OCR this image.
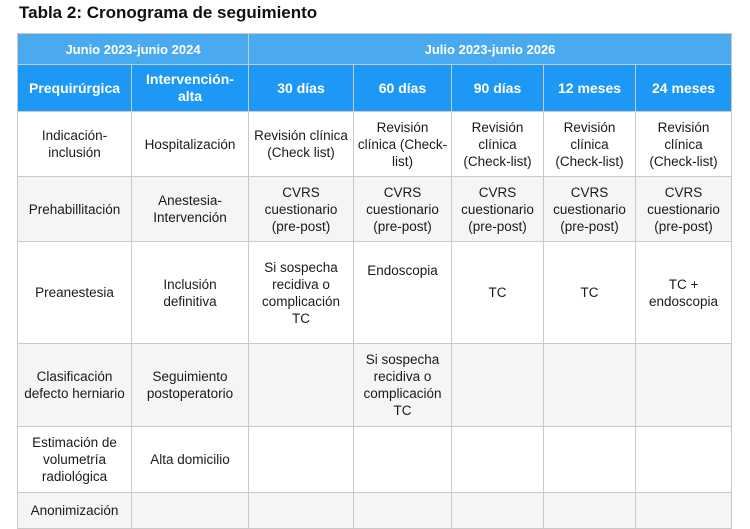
Tabla 2: Cronograma de seguimiento
Junio 2023-junio 2024		Julio 2023-junio 2026				
Prequirúrgica	Intervención-alta	30 días	60 días	90 días	12 meses	24 meses
Indicación-inclusión	Hospitalización	Revisión clínica (Check list)	Revisión clínica (Check-list)	Revisión clínica (Check-list)	Revisión clínica (Check-list)	Revisión clínica (Check-list)
Prehabillitación	Anestesia-Intervención	CVRS cuestionario (pre-post)	CVRS cuestionario (pre-post)	CVRS cuestionario (pre-post)	CVRS cuestionario (pre-post)	CVRS cuestionario (pre-post)
Preanestesia	Inclusión definitiva	Si sospecha recidiva o complicación TC	Endoscopia	TC	TC	TC + endoscopia
Clasificación defecto herniario	Seguimiento postoperatorio		Si sospecha recidiva o complicación TC			
Estimación de volumetría radiológica	Alta domicilio					
Anonimización						
